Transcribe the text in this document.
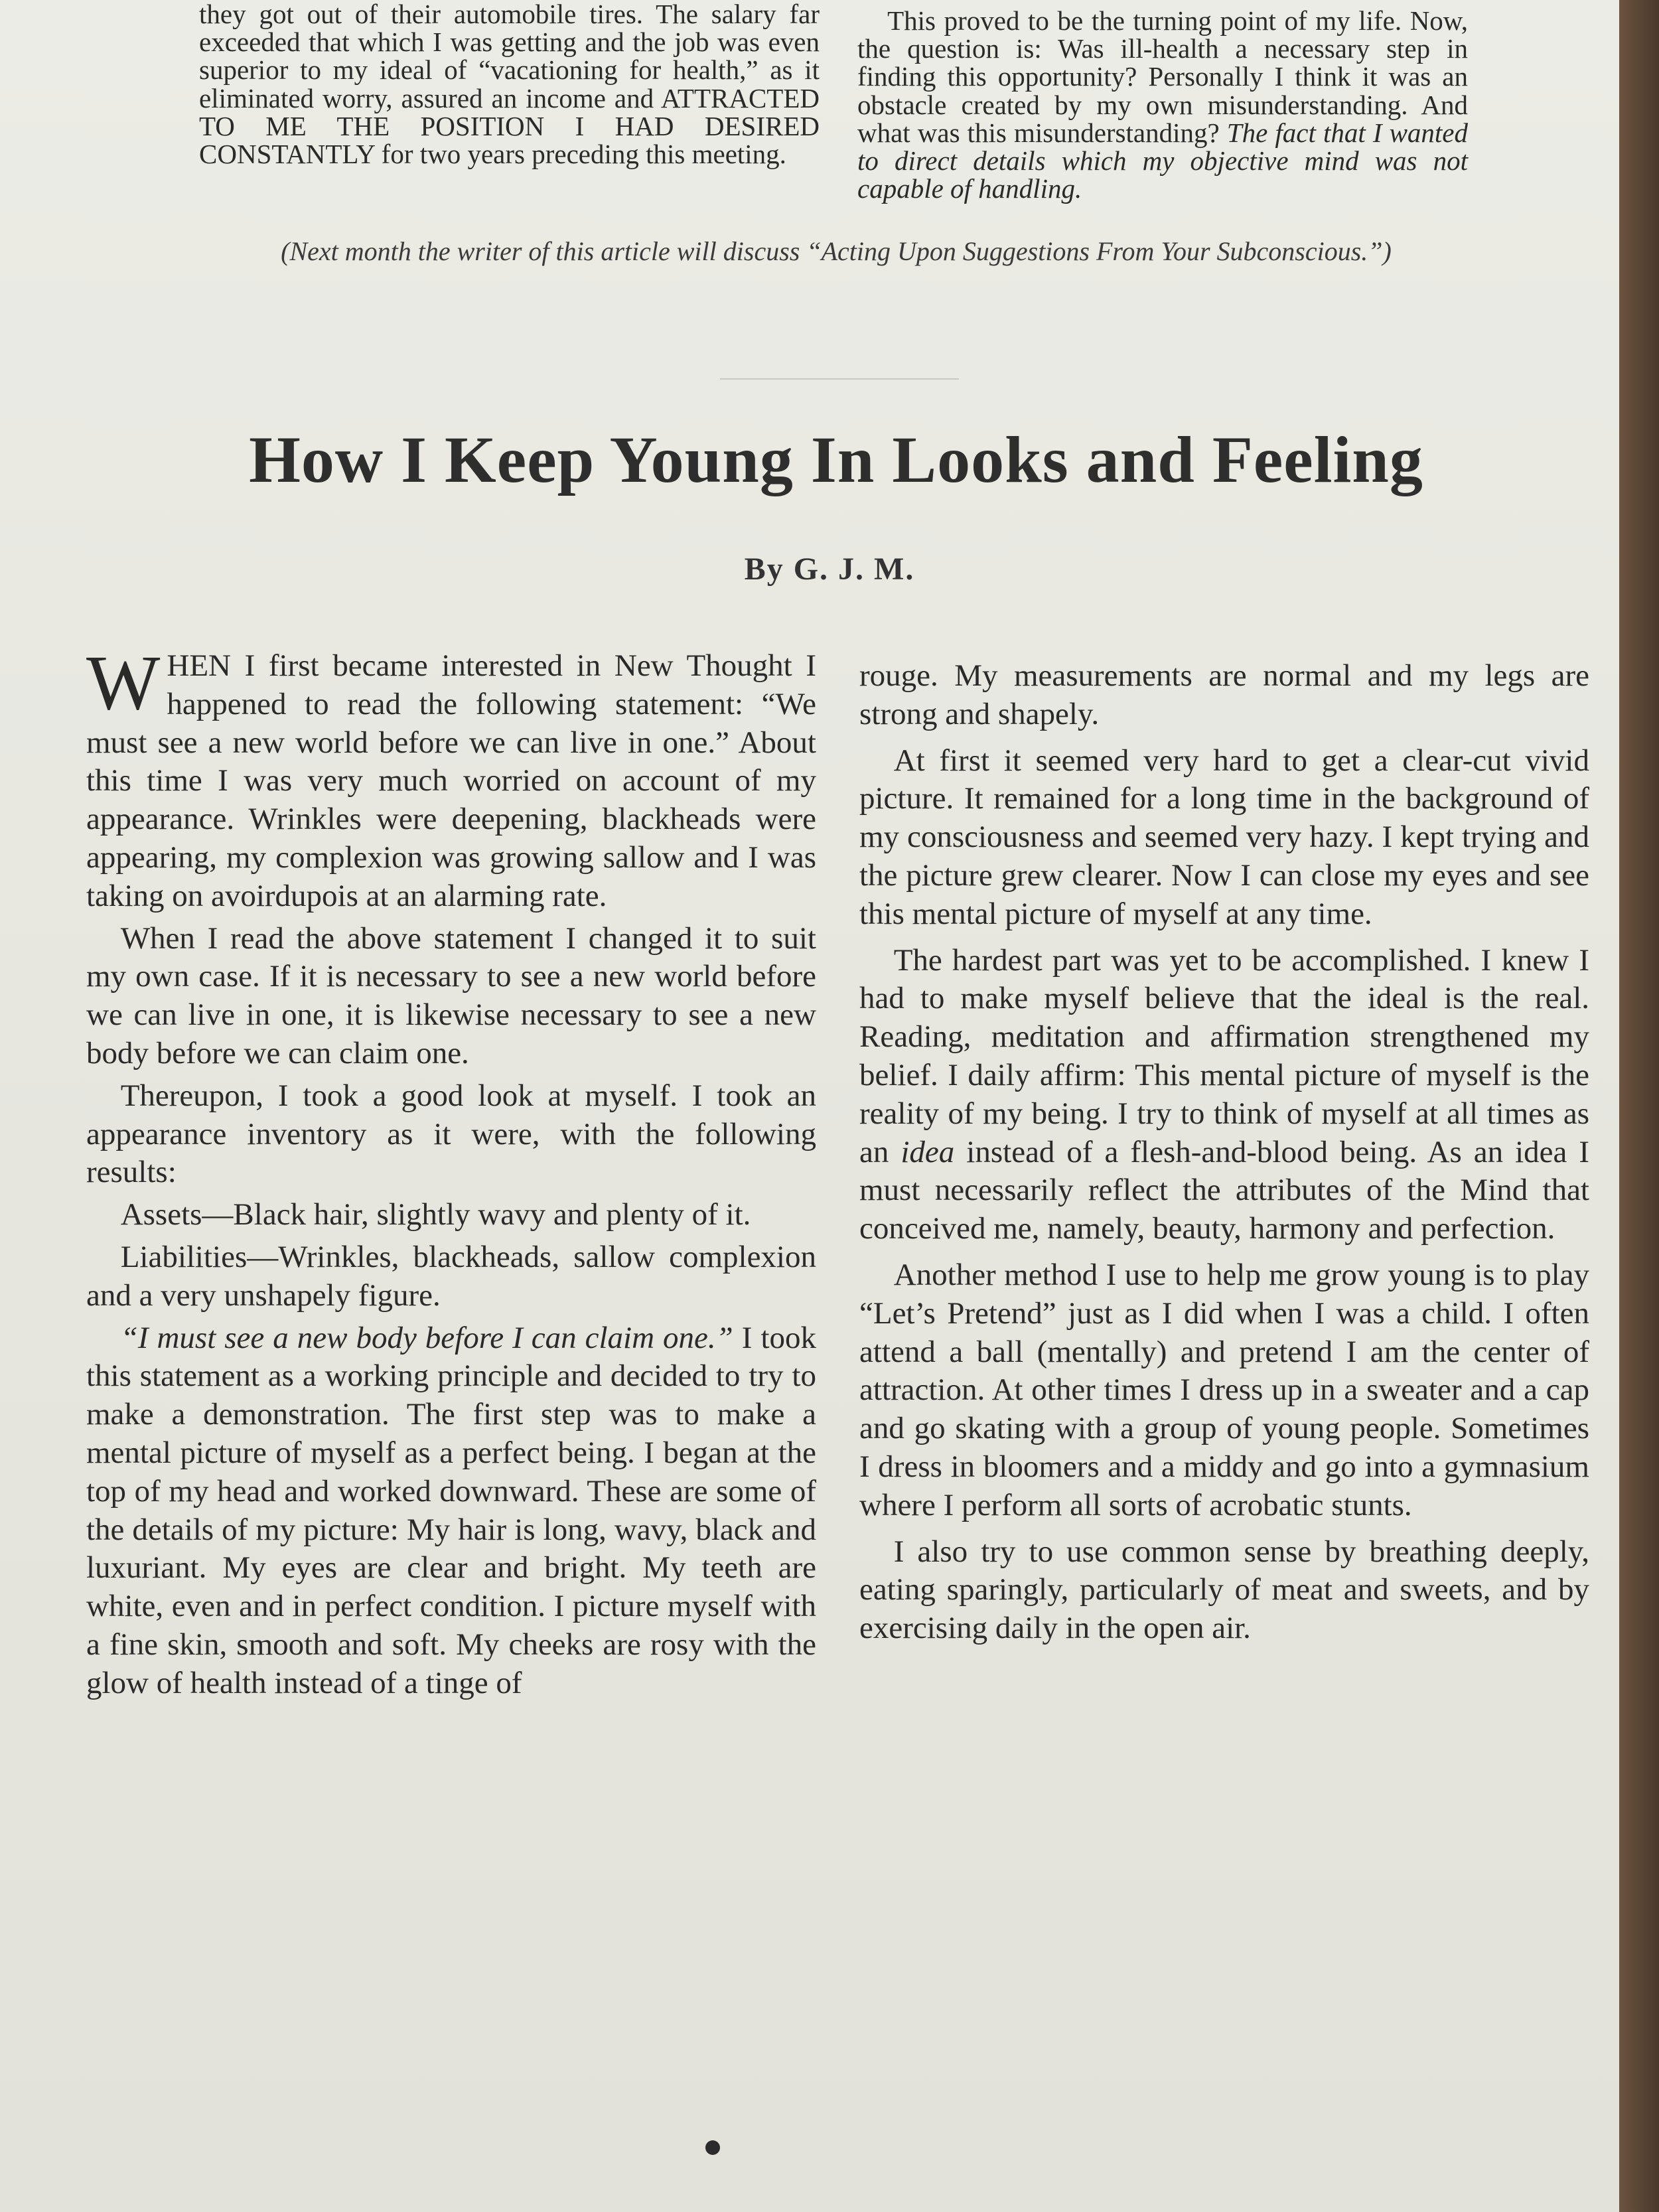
they got out of their automobile tires. The salary far exceeded that which I was getting and the job was even superior to my ideal of “vacationing for health,” as it eliminated worry, assured an income and ATTRACTED TO ME THE POSITION I HAD DESIRED CONSTANTLY for two years preceding this meeting.

This proved to be the turning point of my life. Now, the question is: Was ill-health a necessary step in finding this opportunity? Personally I think it was an obstacle created by my own misunderstanding. And what was this misunderstanding? The fact that I wanted to direct details which my objective mind was not capable of handling.

(Next month the writer of this article will discuss “Acting Upon Suggestions From Your Subconscious.”)
How I Keep Young In Looks and Feeling
By G. J. M.

WHEN I first became interested in New Thought I happened to read the following statement: “We must see a new world before we can live in one.” About this time I was very much worried on account of my appearance. Wrinkles were deepening, blackheads were appearing, my complexion was growing sallow and I was taking on avoirdupois at an alarming rate.

When I read the above statement I changed it to suit my own case. If it is necessary to see a new world before we can live in one, it is likewise necessary to see a new body before we can claim one.

Thereupon, I took a good look at myself. I took an appearance inventory as it were, with the following results:

Assets—Black hair, slightly wavy and plenty of it.

Liabilities—Wrinkles, blackheads, sallow complexion and a very unshapely figure.

“I must see a new body before I can claim one.” I took this statement as a working principle and decided to try to make a demonstration. The first step was to make a mental picture of myself as a perfect being. I began at the top of my head and worked downward. These are some of the details of my picture: My hair is long, wavy, black and luxuriant. My eyes are clear and bright. My teeth are white, even and in perfect condition. I picture myself with a fine skin, smooth and soft. My cheeks are rosy with the glow of health instead of a tinge of

rouge. My measurements are normal and my legs are strong and shapely.

At first it seemed very hard to get a clear-cut vivid picture. It remained for a long time in the background of my consciousness and seemed very hazy. I kept trying and the picture grew clearer. Now I can close my eyes and see this mental picture of myself at any time.

The hardest part was yet to be accomplished. I knew I had to make myself believe that the ideal is the real. Reading, meditation and affirmation strengthened my belief. I daily affirm: This mental picture of myself is the reality of my being. I try to think of myself at all times as an idea instead of a flesh-and-blood being. As an idea I must necessarily reflect the attributes of the Mind that conceived me, namely, beauty, harmony and perfection.

Another method I use to help me grow young is to play “Let’s Pretend” just as I did when I was a child. I often attend a ball (mentally) and pretend I am the center of attraction. At other times I dress up in a sweater and a cap and go skating with a group of young people. Sometimes I dress in bloomers and a middy and go into a gymnasium where I perform all sorts of acrobatic stunts.

I also try to use common sense by breathing deeply, eating sparingly, particularly of meat and sweets, and by exercising daily in the open air.
